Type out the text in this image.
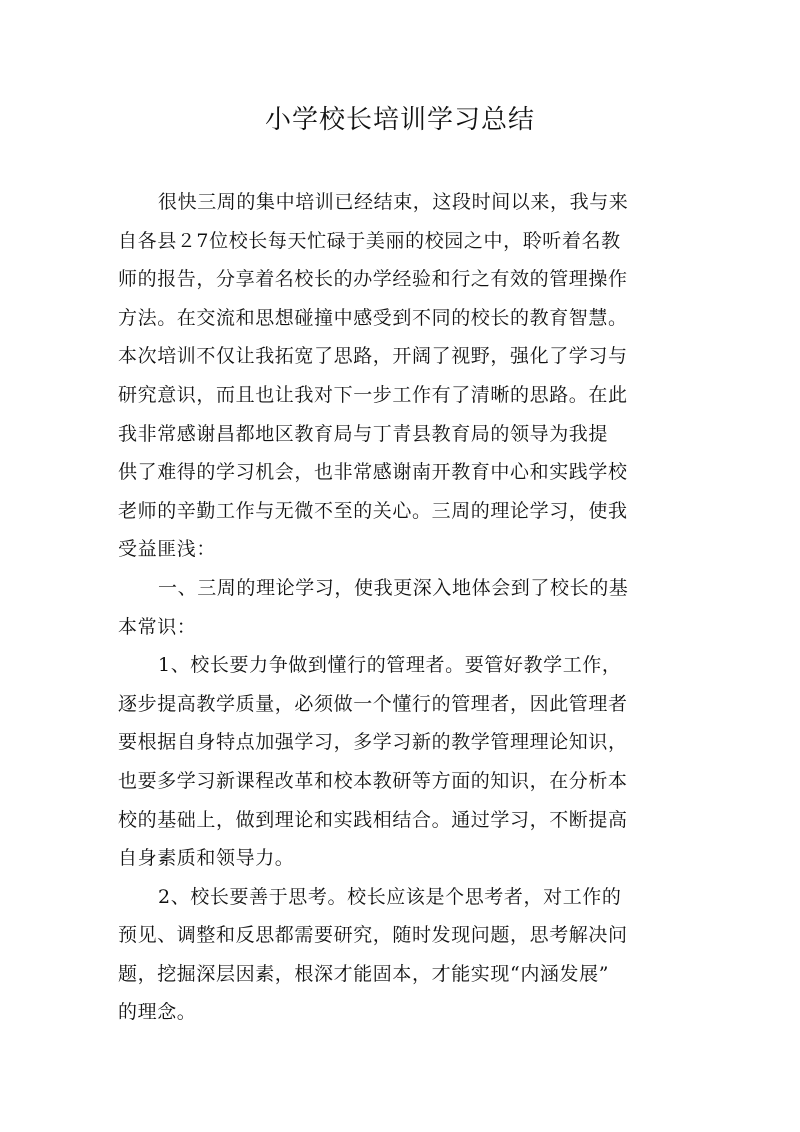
小学校长培训学习总结
很快三周的集中培训已经结束，这段时间以来，我与来
自各县２7位校长每天忙碌于美丽的校园之中，聆听着名教
师的报告，分享着名校长的办学经验和行之有效的管理操作
方法。在交流和思想碰撞中感受到不同的校长的教育智慧。
本次培训不仅让我拓宽了思路，开阔了视野，强化了学习与
研究意识，而且也让我对下一步工作有了清晰的思路。在此
我非常感谢昌都地区教育局与丁青县教育局的领导为我提
供了难得的学习机会，也非常感谢南开教育中心和实践学校
老师的辛勤工作与无微不至的关心。三周的理论学习，使我
受益匪浅：
一、三周的理论学习，使我更深入地体会到了校长的基
本常识：
1、校长要力争做到懂行的管理者。要管好教学工作，
逐步提高教学质量，必须做一个懂行的管理者，因此管理者
要根据自身特点加强学习，多学习新的教学管理理论知识，
也要多学习新课程改革和校本教研等方面的知识，在分析本
校的基础上，做到理论和实践相结合。通过学习，不断提高
自身素质和领导力。
2、校长要善于思考。校长应该是个思考者，对工作的
预见、调整和反思都需要研究，随时发现问题，思考解决问
题，挖掘深层因素，根深才能固本，才能实现“内涵发展”
的理念。
